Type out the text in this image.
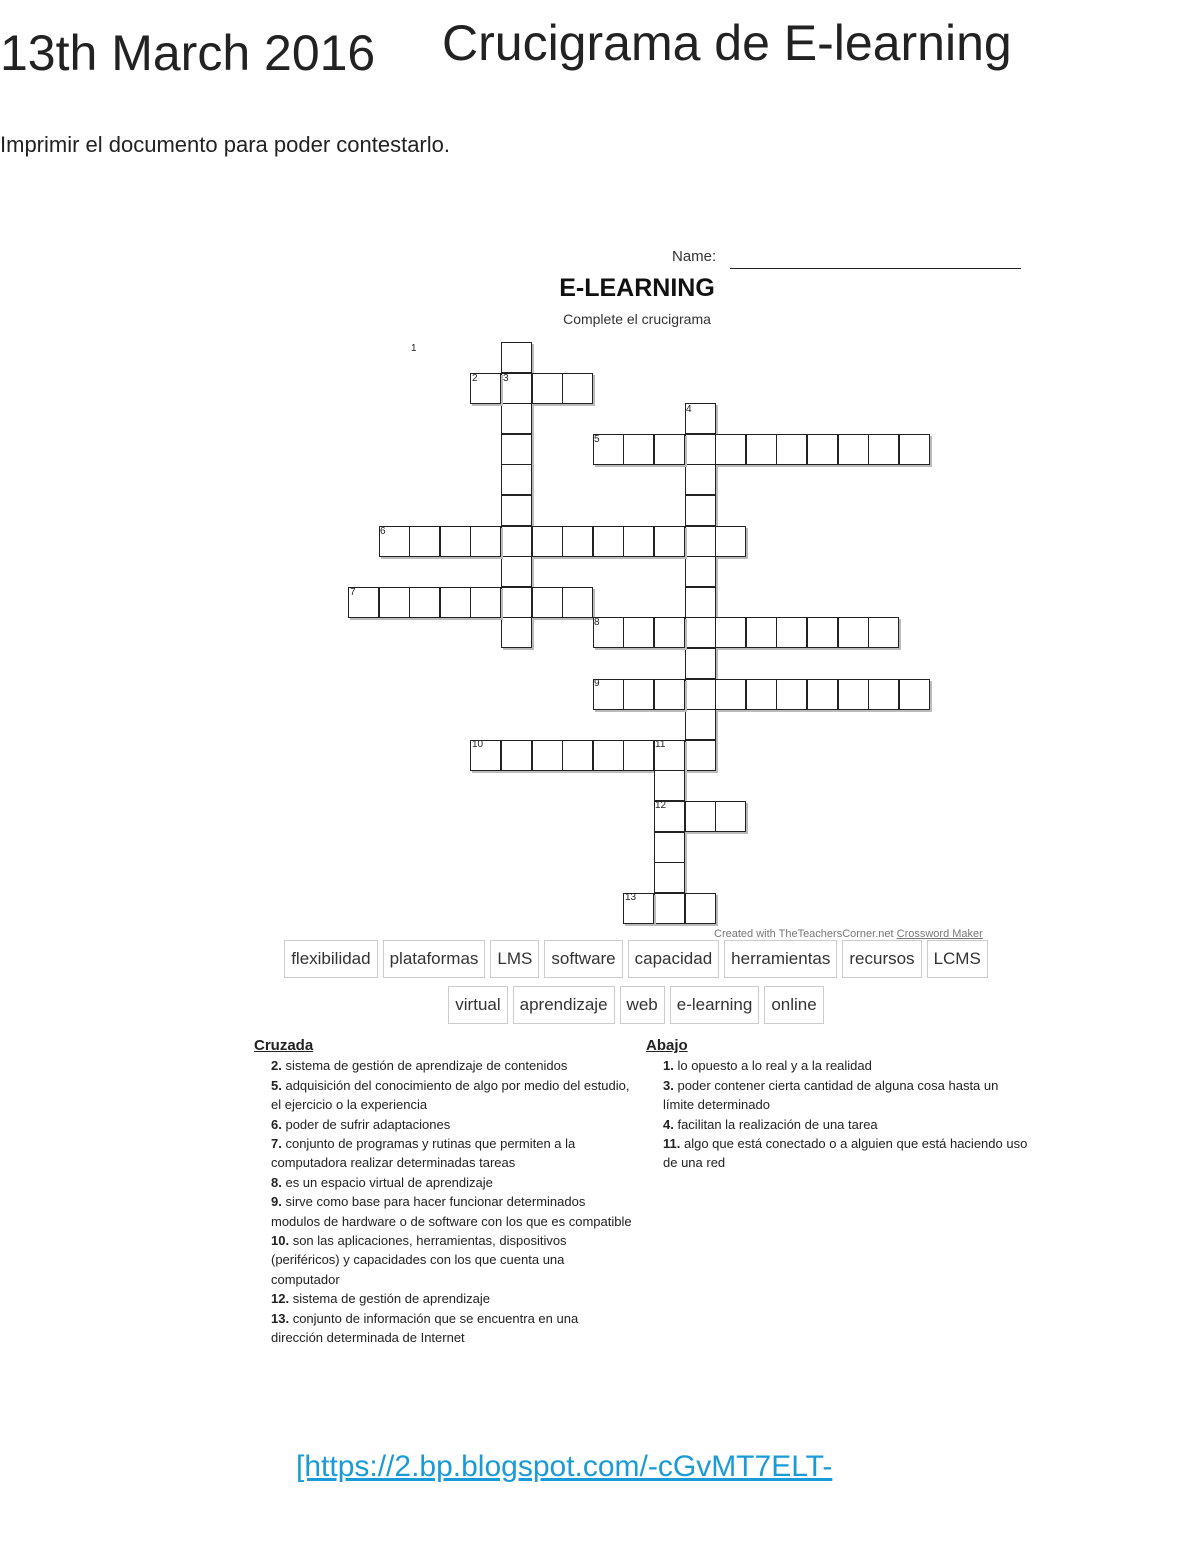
13th March 2016 Crucigrama de E-learning
Imprimir el documento para poder contestarlo.
Name:
E-LEARNING
Complete el crucigrama
1
2	3
4
5
6
7
8
9
10	11
12
13
Created with TheTeachersCorner.net Crossword Maker
flexibilidad	plataformas	LMS	software	capacidad	herramientas	recursos	LCMS
virtual	aprendizaje	web	e-learning	online
Cruzada
2. sistema de gestión de aprendizaje de contenidos
5. adquisición del conocimiento de algo por medio del estudio, el ejercicio o la experiencia
6. poder de sufrir adaptaciones
7. conjunto de programas y rutinas que permiten a la computadora realizar determinadas tareas
8. es un espacio virtual de aprendizaje
9. sirve como base para hacer funcionar determinados modulos de hardware o de software con los que es compatible
10. son las aplicaciones, herramientas, dispositivos (periféricos) y capacidades con los que cuenta una computador
12. sistema de gestión de aprendizaje
13. conjunto de información que se encuentra en una dirección determinada de Internet
Abajo
1. lo opuesto a lo real y a la realidad
3. poder contener cierta cantidad de alguna cosa hasta un límite determinado
4. facilitan la realización de una tarea
11. algo que está conectado o a alguien que está haciendo uso de una red
[https://2.bp.blogspot.com/-cGvMT7ELT-
